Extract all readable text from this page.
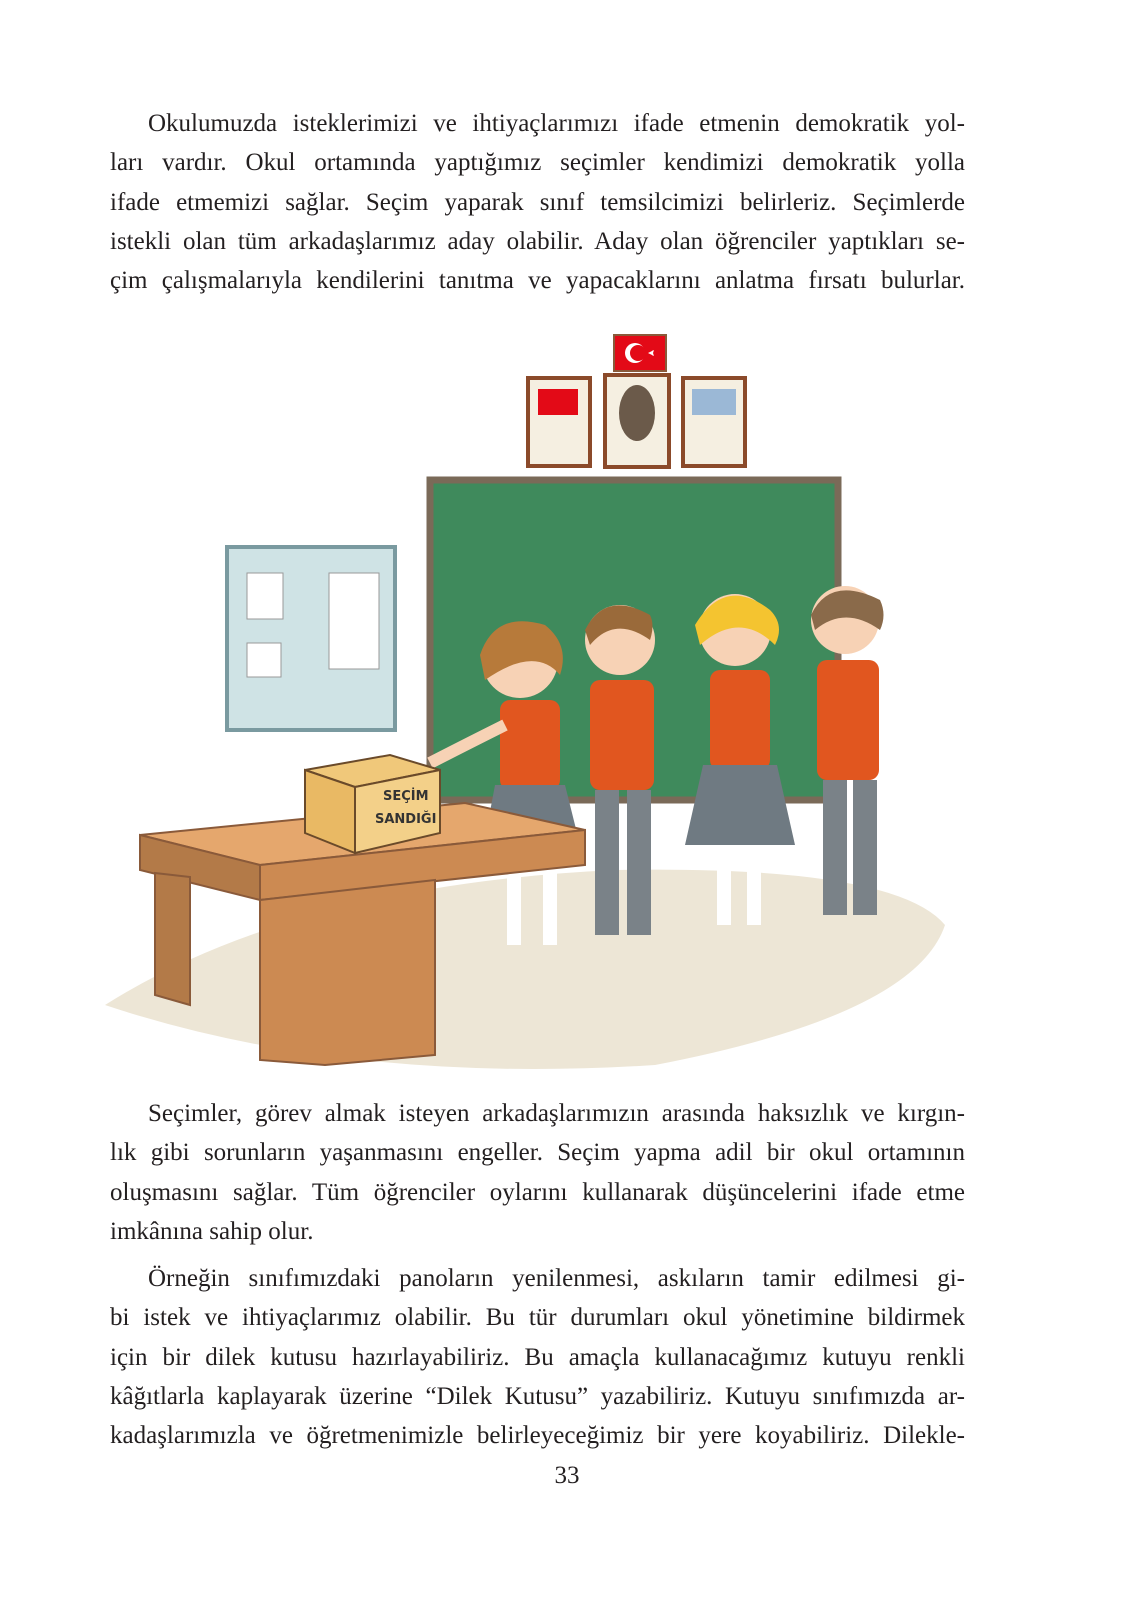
Okulumuzda isteklerimizi ve ihtiyaçlarımızı ifade etmenin demokratik yol-
ları vardır. Okul ortamında yaptığımız seçimler kendimizi demokratik yolla
ifade etmemizi sağlar. Seçim yaparak sınıf temsilcimizi belirleriz. Seçimlerde
istekli olan tüm arkadaşlarımız aday olabilir. Aday olan öğrenciler yaptıkları se-
çim çalışmalarıyla kendilerini tanıtma ve yapacaklarını anlatma fırsatı bulurlar.

SEÇİM
SANDIĞI

Seçimler, görev almak isteyen arkadaşlarımızın arasında haksızlık ve kırgın-
lık gibi sorunların yaşanmasını engeller. Seçim yapma adil bir okul ortamının
oluşmasını sağlar. Tüm öğrenciler oylarını kullanarak düşüncelerini ifade etme
imkânına sahip olur.

Örneğin sınıfımızdaki panoların yenilenmesi, askıların tamir edilmesi gi-
bi istek ve ihtiyaçlarımız olabilir. Bu tür durumları okul yönetimine bildirmek
için bir dilek kutusu hazırlayabiliriz. Bu amaçla kullanacağımız kutuyu renkli
kâğıtlarla kaplayarak üzerine “Dilek Kutusu” yazabiliriz. Kutuyu sınıfımızda ar-
kadaşlarımızla ve öğretmenimizle belirleyeceğimiz bir yere koyabiliriz. Dilekle-

33
